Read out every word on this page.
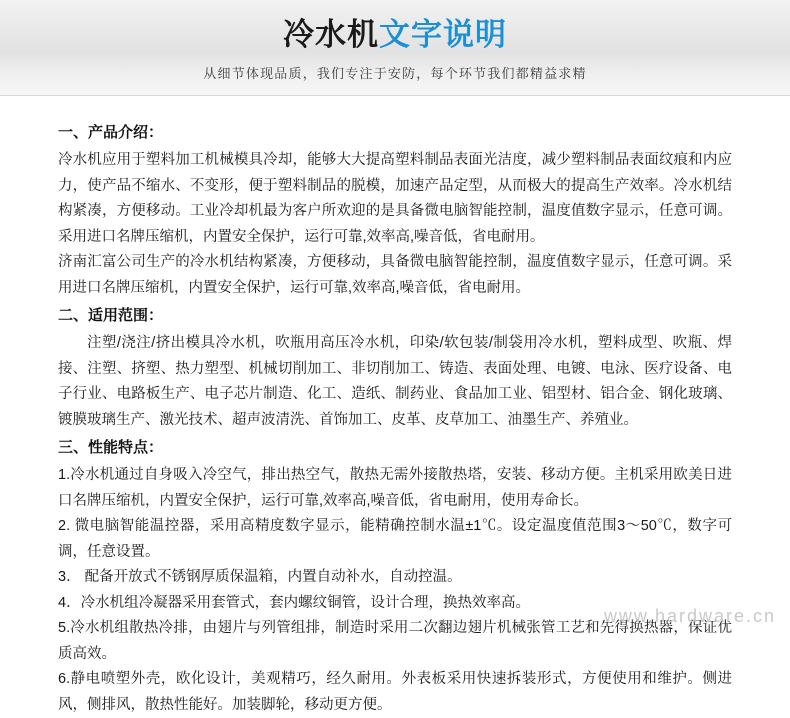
冷水机文字说明
从细节体现品质，我们专注于安防，每个环节我们都精益求精
一、产品介绍：

冷水机应用于塑料加工机械模具冷却，能够大大提高塑料制品表面光洁度，减少塑料制品表面纹痕和内应力，使产品不缩水、不变形，便于塑料制品的脱模，加速产品定型，从而极大的提高生产效率。冷水机结构紧凑，方便移动。工业冷却机最为客户所欢迎的是具备微电脑智能控制，温度值数字显示，任意可调。采用进口名牌压缩机，内置安全保护，运行可靠,效率高,噪音低，省电耐用。

济南汇富公司生产的冷水机结构紧凑，方便移动，具备微电脑智能控制，温度值数字显示，任意可调。采用进口名牌压缩机，内置安全保护，运行可靠,效率高,噪音低，省电耐用。

二、适用范围：

注塑/浇注/挤出模具冷水机，吹瓶用高压冷水机，印染/软包装/制袋用冷水机，塑料成型、吹瓶、焊接、注塑、挤塑、热力塑型、机械切削加工、非切削加工、铸造、表面处理、电镀、电泳、医疗设备、电子行业、电路板生产、电子芯片制造、化工、造纸、制药业、食品加工业、铝型材、铝合金、钢化玻璃、镀膜玻璃生产、激光技术、超声波清洗、首饰加工、皮革、皮草加工、油墨生产、养殖业。

三、性能特点：

1.冷水机通过自身吸入冷空气，排出热空气，散热无需外接散热塔，安装、移动方便。主机采用欧美日进口名牌压缩机，内置安全保护，运行可靠,效率高,噪音低，省电耐用，使用寿命长。

2. 微电脑智能温控器，采用高精度数字显示，能精确控制水温±1℃。设定温度值范围3～50℃，数字可调，任意设置。

3． 配备开放式不锈钢厚质保温箱，内置自动补水，自动控温。

4．冷水机组冷凝器采用套管式，套内螺纹铜管，设计合理，换热效率高。

5.冷水机组散热冷排，由翅片与列管组排，制造时采用二次翻边翅片机械张管工艺和先得换热器，保证优质高效。

6.静电喷塑外壳，欧化设计，美观精巧，经久耐用。外表板采用快速拆装形式，方便使用和维护。侧进风，侧排风，散热性能好。加装脚轮，移动更方便。

www.hardware.cn
